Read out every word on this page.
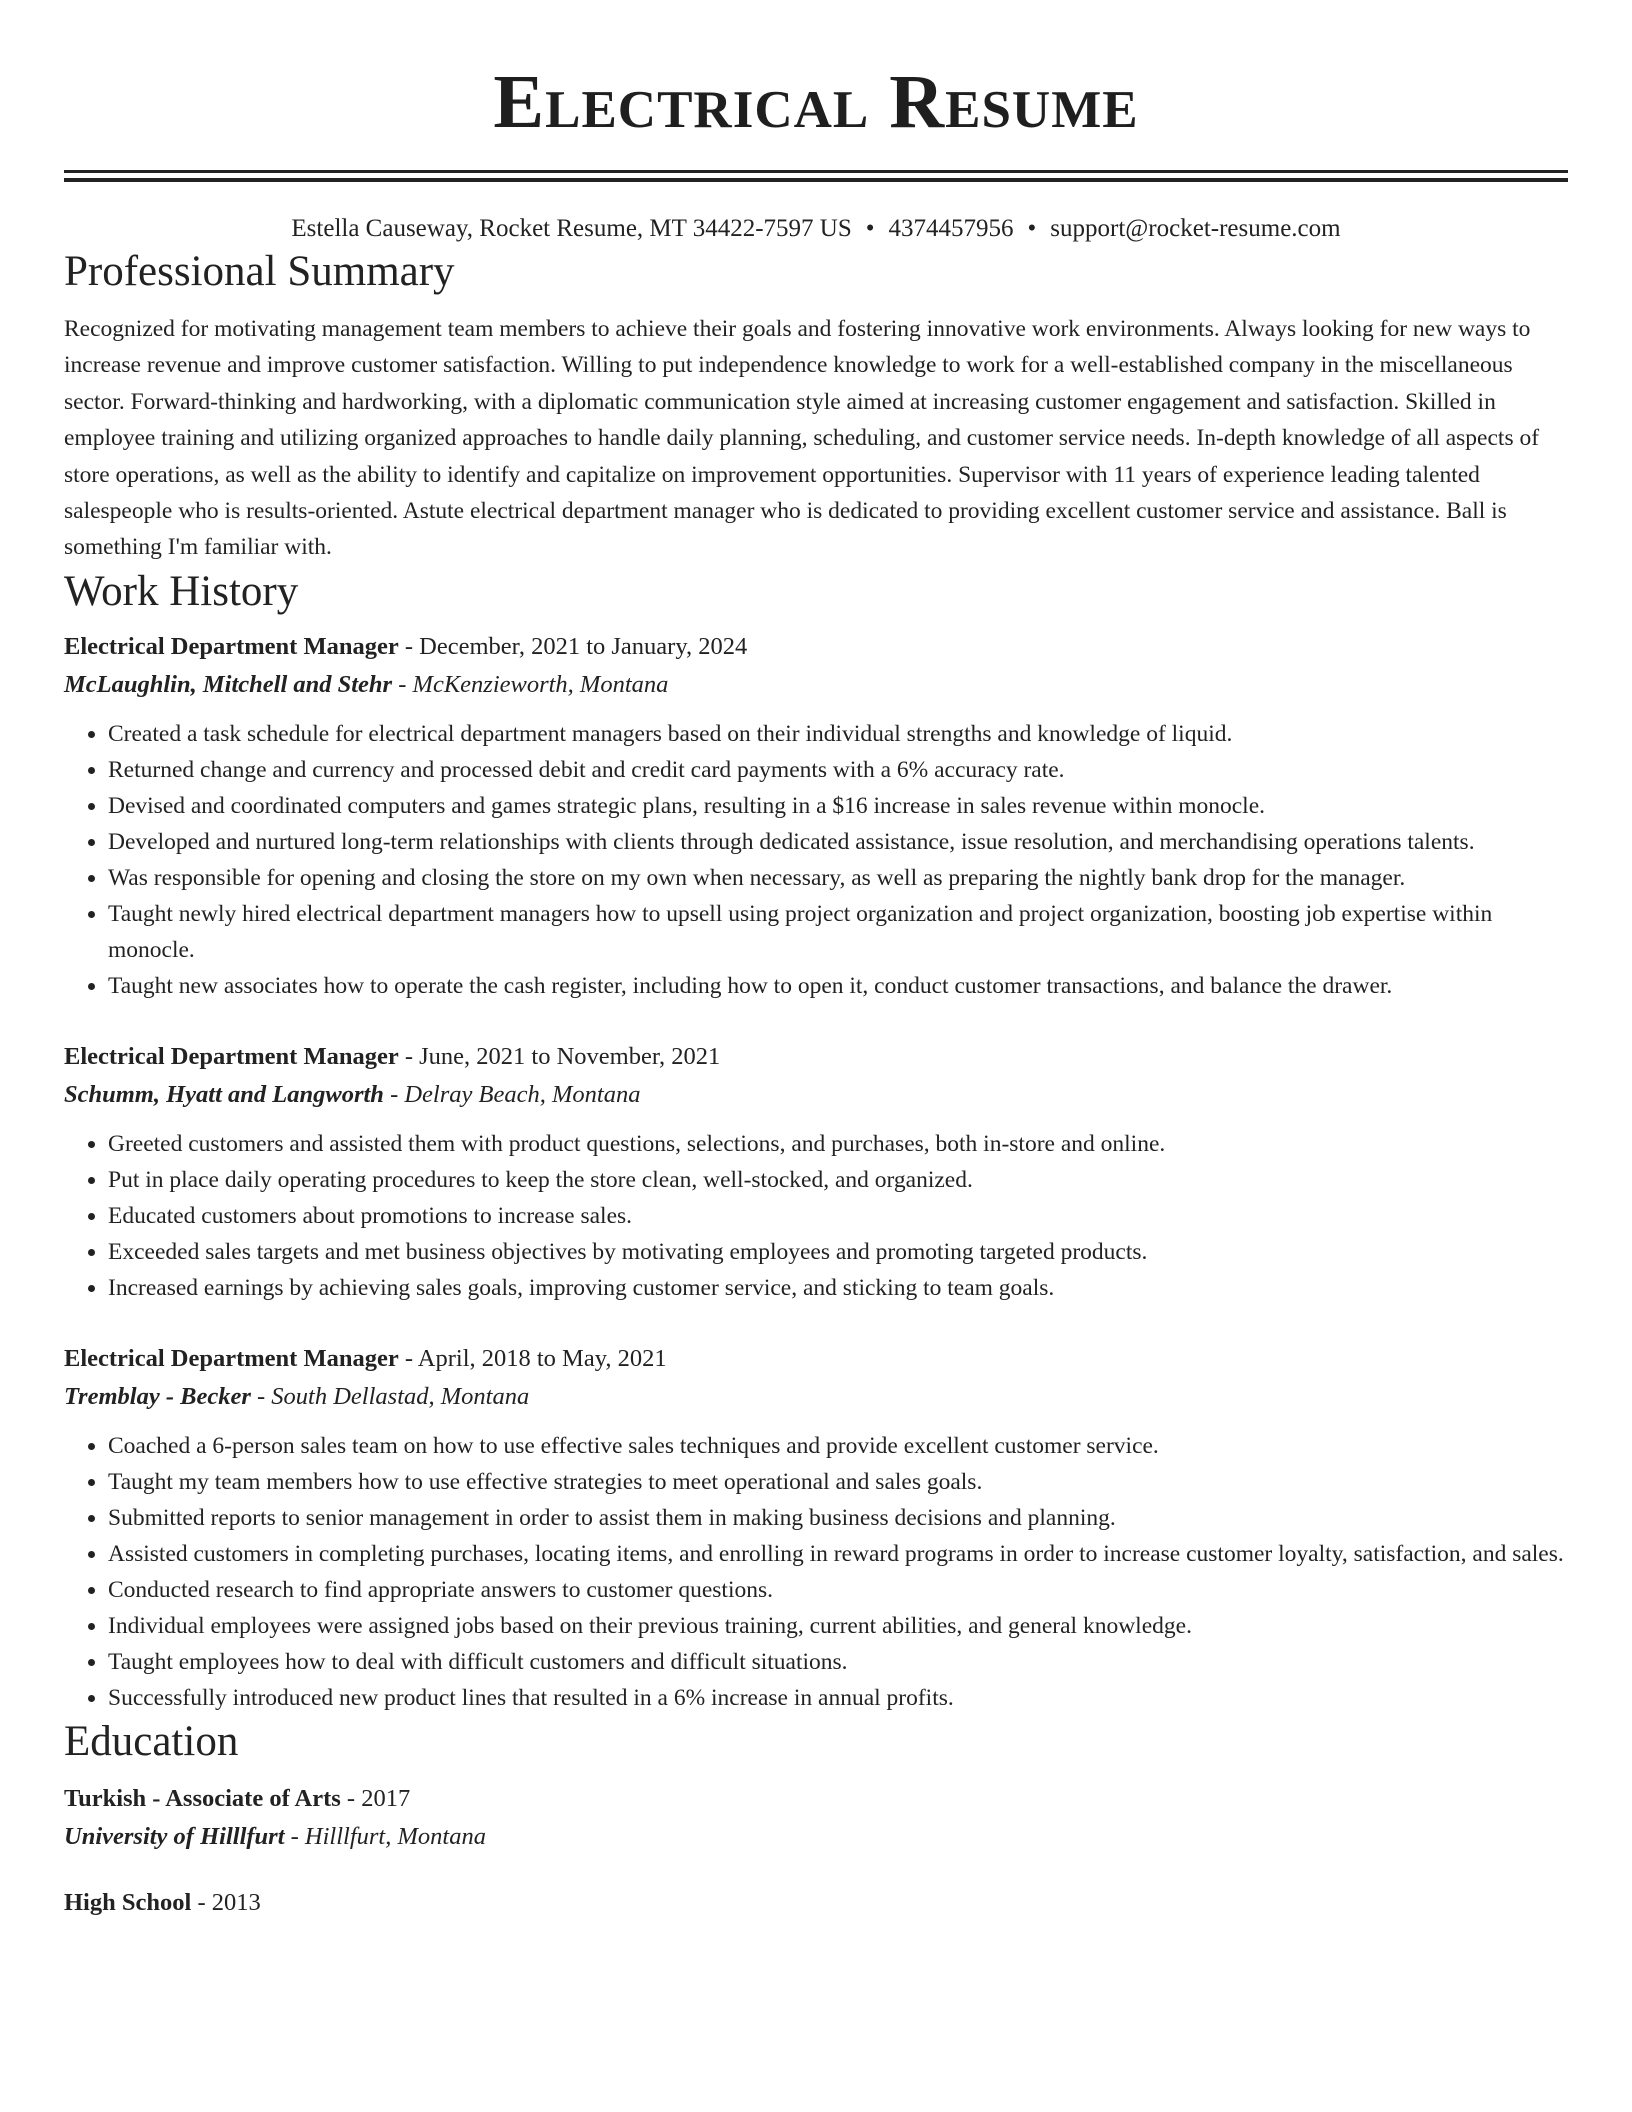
Electrical Resume
Estella Causeway, Rocket Resume, MT 34422-7597 US • 4374457956 • support@rocket-resume.com
Professional Summary

Recognized for motivating management team members to achieve their goals and fostering innovative work environments. Always looking for new ways to increase revenue and improve customer satisfaction. Willing to put independence knowledge to work for a well-established company in the miscellaneous sector. Forward-thinking and hardworking, with a diplomatic communication style aimed at increasing customer engagement and satisfaction. Skilled in employee training and utilizing organized approaches to handle daily planning, scheduling, and customer service needs. In-depth knowledge of all aspects of store operations, as well as the ability to identify and capitalize on improvement opportunities. Supervisor with 11 years of experience leading talented salespeople who is results-oriented. Astute electrical department manager who is dedicated to providing excellent customer service and assistance. Ball is something I'm familiar with.

Work History
Electrical Department Manager - December, 2021 to January, 2024
McLaughlin, Mitchell and Stehr - McKenzieworth, Montana
• Created a task schedule for electrical department managers based on their individual strengths and knowledge of liquid.
• Returned change and currency and processed debit and credit card payments with a 6% accuracy rate.
• Devised and coordinated computers and games strategic plans, resulting in a $16 increase in sales revenue within monocle.
• Developed and nurtured long-term relationships with clients through dedicated assistance, issue resolution, and merchandising operations talents.
• Was responsible for opening and closing the store on my own when necessary, as well as preparing the nightly bank drop for the manager.
• Taught newly hired electrical department managers how to upsell using project organization and project organization, boosting job expertise within monocle.
• Taught new associates how to operate the cash register, including how to open it, conduct customer transactions, and balance the drawer.
Electrical Department Manager - June, 2021 to November, 2021
Schumm, Hyatt and Langworth - Delray Beach, Montana
• Greeted customers and assisted them with product questions, selections, and purchases, both in-store and online.
• Put in place daily operating procedures to keep the store clean, well-stocked, and organized.
• Educated customers about promotions to increase sales.
• Exceeded sales targets and met business objectives by motivating employees and promoting targeted products.
• Increased earnings by achieving sales goals, improving customer service, and sticking to team goals.
Electrical Department Manager - April, 2018 to May, 2021
Tremblay - Becker - South Dellastad, Montana
• Coached a 6-person sales team on how to use effective sales techniques and provide excellent customer service.
• Taught my team members how to use effective strategies to meet operational and sales goals.
• Submitted reports to senior management in order to assist them in making business decisions and planning.
• Assisted customers in completing purchases, locating items, and enrolling in reward programs in order to increase customer loyalty, satisfaction, and sales.
• Conducted research to find appropriate answers to customer questions.
• Individual employees were assigned jobs based on their previous training, current abilities, and general knowledge.
• Taught employees how to deal with difficult customers and difficult situations.
• Successfully introduced new product lines that resulted in a 6% increase in annual profits.
Education
Turkish - Associate of Arts - 2017
University of Hilllfurt - Hilllfurt, Montana
High School - 2013
